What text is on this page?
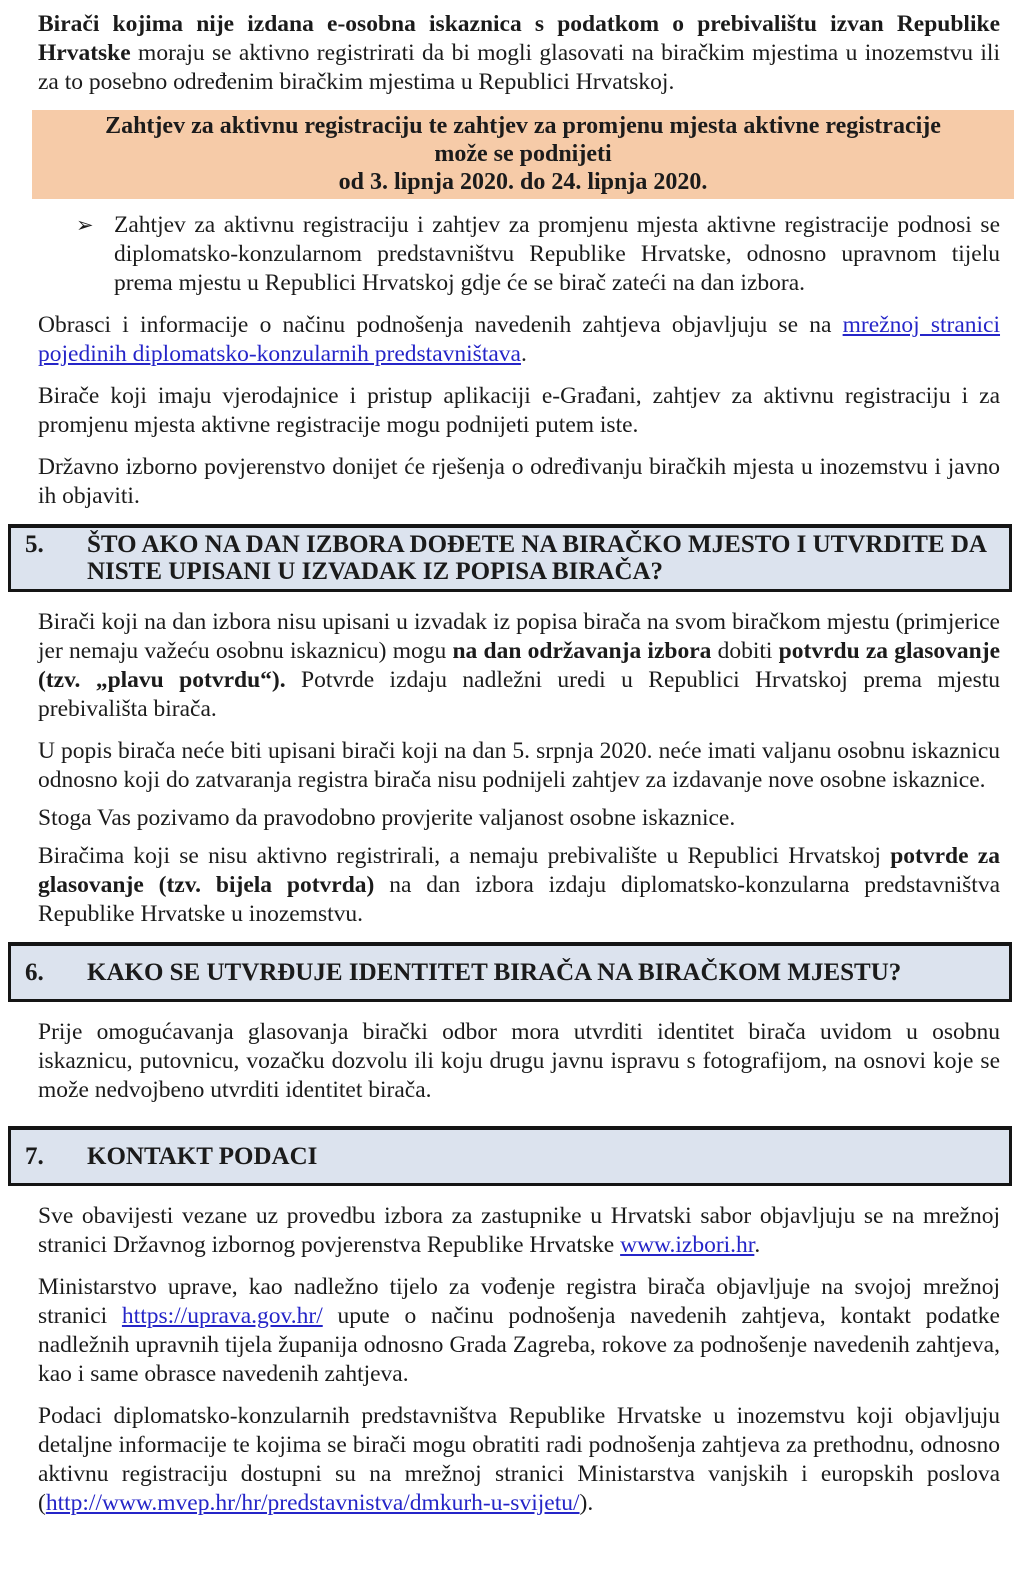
Birači kojima nije izdana e-osobna iskaznica s podatkom o prebivalištu izvan Republike Hrvatske moraju se aktivno registrirati da bi mogli glasovati na biračkim mjestima u inozemstvu ili za to posebno određenim biračkim mjestima u Republici Hrvatskoj.

Zahtjev za aktivnu registraciju te zahtjev za promjenu mjesta aktivne registracije
može se podnijeti
od 3. lipnja 2020. do 24. lipnja 2020.
➢ Zahtjev za aktivnu registraciju i zahtjev za promjenu mjesta aktivne registracije podnosi se diplomatsko-konzularnom predstavništvu Republike Hrvatske, odnosno upravnom tijelu prema mjestu u Republici Hrvatskoj gdje će se birač zateći na dan izbora.

Obrasci i informacije o načinu podnošenja navedenih zahtjeva objavljuju se na mrežnoj stranici pojedinih diplomatsko-konzularnih predstavništava.

Birače koji imaju vjerodajnice i pristup aplikaciji e-Građani, zahtjev za aktivnu registraciju i za promjenu mjesta aktivne registracije mogu podnijeti putem iste.

Državno izborno povjerenstvo donijet će rješenja o određivanju biračkih mjesta u inozemstvu i javno ih objaviti.

5.	ŠTO AKO NA DAN IZBORA DOĐETE NA BIRAČKO MJESTO I UTVRDITE DA NISTE UPISANI U IZVADAK IZ POPISA BIRAČA?

Birači koji na dan izbora nisu upisani u izvadak iz popisa birača na svom biračkom mjestu (primjerice jer nemaju važeću osobnu iskaznicu) mogu na dan održavanja izbora dobiti potvrdu za glasovanje (tzv. „plavu potvrdu“). Potvrde izdaju nadležni uredi u Republici Hrvatskoj prema mjestu prebivališta birača.

U popis birača neće biti upisani birači koji na dan 5. srpnja 2020. neće imati valjanu osobnu iskaznicu odnosno koji do zatvaranja registra birača nisu podnijeli zahtjev za izdavanje nove osobne iskaznice.

Stoga Vas pozivamo da pravodobno provjerite valjanost osobne iskaznice.

Biračima koji se nisu aktivno registrirali, a nemaju prebivalište u Republici Hrvatskoj potvrde za glasovanje (tzv. bijela potvrda) na dan izbora izdaju diplomatsko-konzularna predstavništva Republike Hrvatske u inozemstvu.

6.	KAKO SE UTVRĐUJE IDENTITET BIRAČA NA BIRAČKOM MJESTU?

Prije omogućavanja glasovanja birački odbor mora utvrditi identitet birača uvidom u osobnu iskaznicu, putovnicu, vozačku dozvolu ili koju drugu javnu ispravu s fotografijom, na osnovi koje se može nedvojbeno utvrditi identitet birača.

7.	KONTAKT PODACI

Sve obavijesti vezane uz provedbu izbora za zastupnike u Hrvatski sabor objavljuju se na mrežnoj stranici Državnog izbornog povjerenstva Republike Hrvatske www.izbori.hr.

Ministarstvo uprave, kao nadležno tijelo za vođenje registra birača objavljuje na svojoj mrežnoj stranici https://uprava.gov.hr/ upute o načinu podnošenja navedenih zahtjeva, kontakt podatke nadležnih upravnih tijela županija odnosno Grada Zagreba, rokove za podnošenje navedenih zahtjeva, kao i same obrasce navedenih zahtjeva.

Podaci diplomatsko-konzularnih predstavništva Republike Hrvatske u inozemstvu koji objavljuju detaljne informacije te kojima se birači mogu obratiti radi podnošenja zahtjeva za prethodnu, odnosno aktivnu registraciju dostupni su na mrežnoj stranici Ministarstva vanjskih i europskih poslova (http://www.mvep.hr/hr/predstavnistva/dmkurh-u-svijetu/).
